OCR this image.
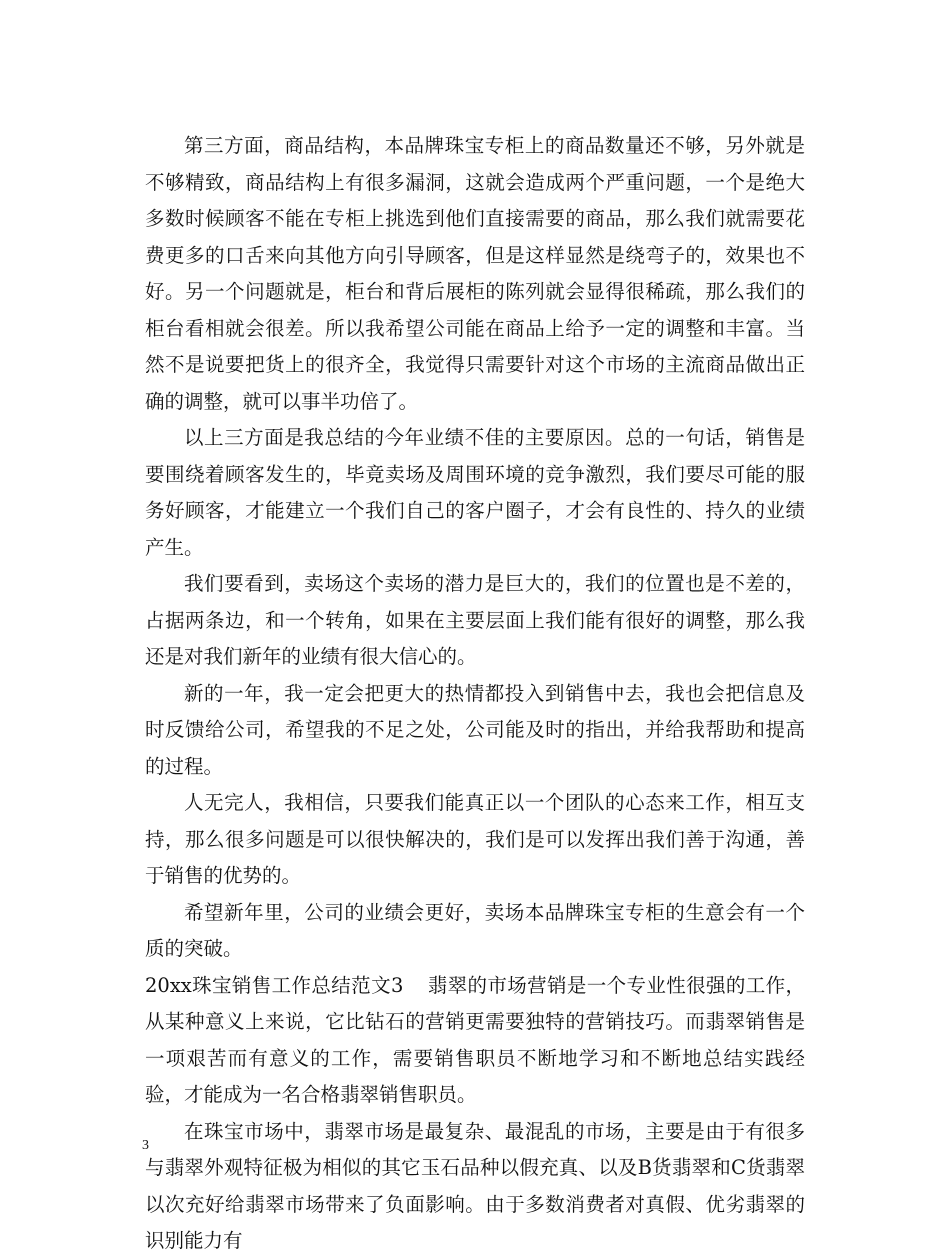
第三方面，商品结构，本品牌珠宝专柜上的商品数量还不够，另外就是不够精致，商品结构上有很多漏洞，这就会造成两个严重问题，一个是绝大多数时候顾客不能在专柜上挑选到他们直接需要的商品，那么我们就需要花费更多的口舌来向其他方向引导顾客，但是这样显然是绕弯子的，效果也不好。另一个问题就是，柜台和背后展柜的陈列就会显得很稀疏，那么我们的柜台看相就会很差。所以我希望公司能在商品上给予一定的调整和丰富。当然不是说要把货上的很齐全，我觉得只需要针对这个市场的主流商品做出正确的调整，就可以事半功倍了。

以上三方面是我总结的今年业绩不佳的主要原因。总的一句话，销售是要围绕着顾客发生的，毕竟卖场及周围环境的竞争激烈，我们要尽可能的服务好顾客，才能建立一个我们自己的客户圈子，才会有良性的、持久的业绩产生。

我们要看到，卖场这个卖场的潜力是巨大的，我们的位置也是不差的，占据两条边，和一个转角，如果在主要层面上我们能有很好的调整，那么我还是对我们新年的业绩有很大信心的。

新的一年，我一定会把更大的热情都投入到销售中去，我也会把信息及时反馈给公司，希望我的不足之处，公司能及时的指出，并给我帮助和提高的过程。

人无完人，我相信，只要我们能真正以一个团队的心态来工作，相互支持，那么很多问题是可以很快解决的，我们是可以发挥出我们善于沟通，善于销售的优势的。

希望新年里，公司的业绩会更好，卖场本品牌珠宝专柜的生意会有一个质的突破。

20xx珠宝销售工作总结范文3 翡翠的市场营销是一个专业性很强的工作，从某种意义上来说，它比钻石的营销更需要独特的营销技巧。而翡翠销售是一项艰苦而有意义的工作，需要销售职员不断地学习和不断地总结实践经验，才能成为一名合格翡翠销售职员。

在珠宝市场中，翡翠市场是最复杂、最混乱的市场，主要是由于有很多与翡翠外观特征极为相似的其它玉石品种以假充真、以及B货翡翠和C货翡翠以次充好给翡翠市场带来了负面影响。由于多数消费者对真假、优劣翡翠的识别能力有

3
